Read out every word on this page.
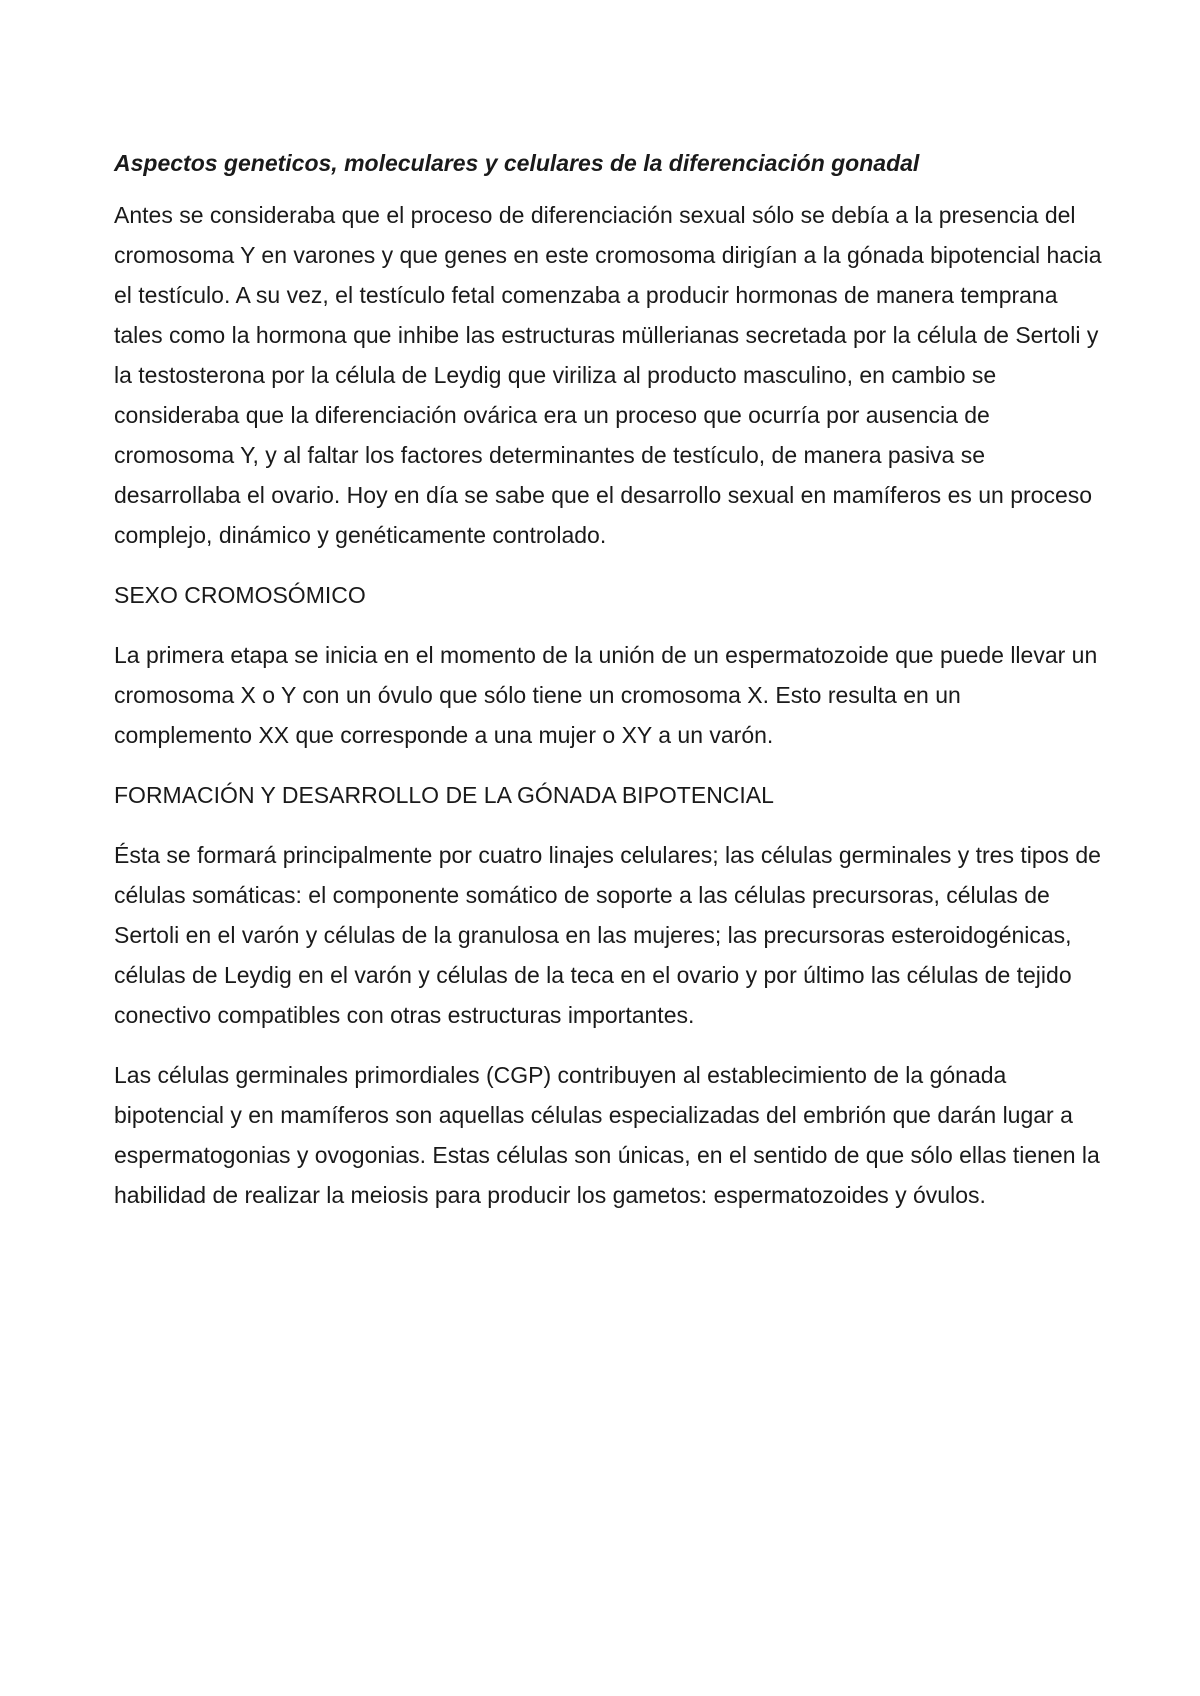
Aspectos geneticos, moleculares y celulares de la diferenciación gonadal

Antes se consideraba que el proceso de diferenciación sexual sólo se debía a la presencia del cromosoma Y en varones y que genes en este cromosoma dirigían a la gónada bipotencial hacia el testículo. A su vez, el testículo fetal comenzaba a producir hormonas de manera temprana tales como la hormona que inhibe las estructuras müllerianas secretada por la célula de Sertoli y la testosterona por la célula de Leydig que viriliza al producto masculino, en cambio se consideraba que la diferenciación ovárica era un proceso que ocurría por ausencia de cromosoma Y, y al faltar los factores determinantes de testículo, de manera pasiva se desarrollaba el ovario. Hoy en día se sabe que el desarrollo sexual en mamíferos es un proceso complejo, dinámico y genéticamente controlado.

SEXO CROMOSÓMICO

La primera etapa se inicia en el momento de la unión de un espermatozoide que puede llevar un cromosoma X o Y con un óvulo que sólo tiene un cromosoma X. Esto resulta en un complemento XX que corresponde a una mujer o XY a un varón.

FORMACIÓN Y DESARROLLO DE LA GÓNADA BIPOTENCIAL

Ésta se formará principalmente por cuatro linajes celulares; las células germinales y tres tipos de células somáticas: el componente somático de soporte a las células precursoras, células de Sertoli en el varón y células de la granulosa en las mujeres; las precursoras esteroidogénicas, células de Leydig en el varón y células de la teca en el ovario y por último las células de tejido conectivo compatibles con otras estructuras importantes.

Las células germinales primordiales (CGP) contribuyen al establecimiento de la gónada bipotencial y en mamíferos son aquellas células especializadas del embrión que darán lugar a espermatogonias y ovogonias. Estas células son únicas, en el sentido de que sólo ellas tienen la habilidad de realizar la meiosis para producir los gametos: espermatozoides y óvulos.
